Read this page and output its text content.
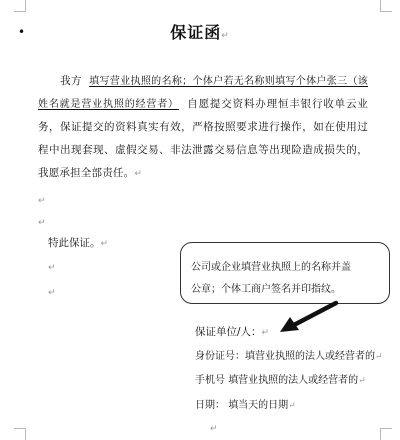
•	保证函↵
我方 填写营业执照的名称；个体户若无名称则填写个体户张三（该姓名就是营业执照的经营者） 自愿提交资料办理恒丰银行收单云业务，保证提交的资料真实有效，严格按照要求进行操作，如在使用过程中出现套现、虚假交易、非法泄露交易信息等出现险造成损失的，我愿承担全部责任。↵
↵
↵
特此保证。↵
↵
↵
公司或企业填营业执照上的名称并盖
公章；个体工商户签名并印指纹。
保证单位/人：↵
身份证号：填营业执照的法人或经营者的↵
手机号 填营业执照的法人或经营者的↵
日期： 填当天的日期↵
↵
